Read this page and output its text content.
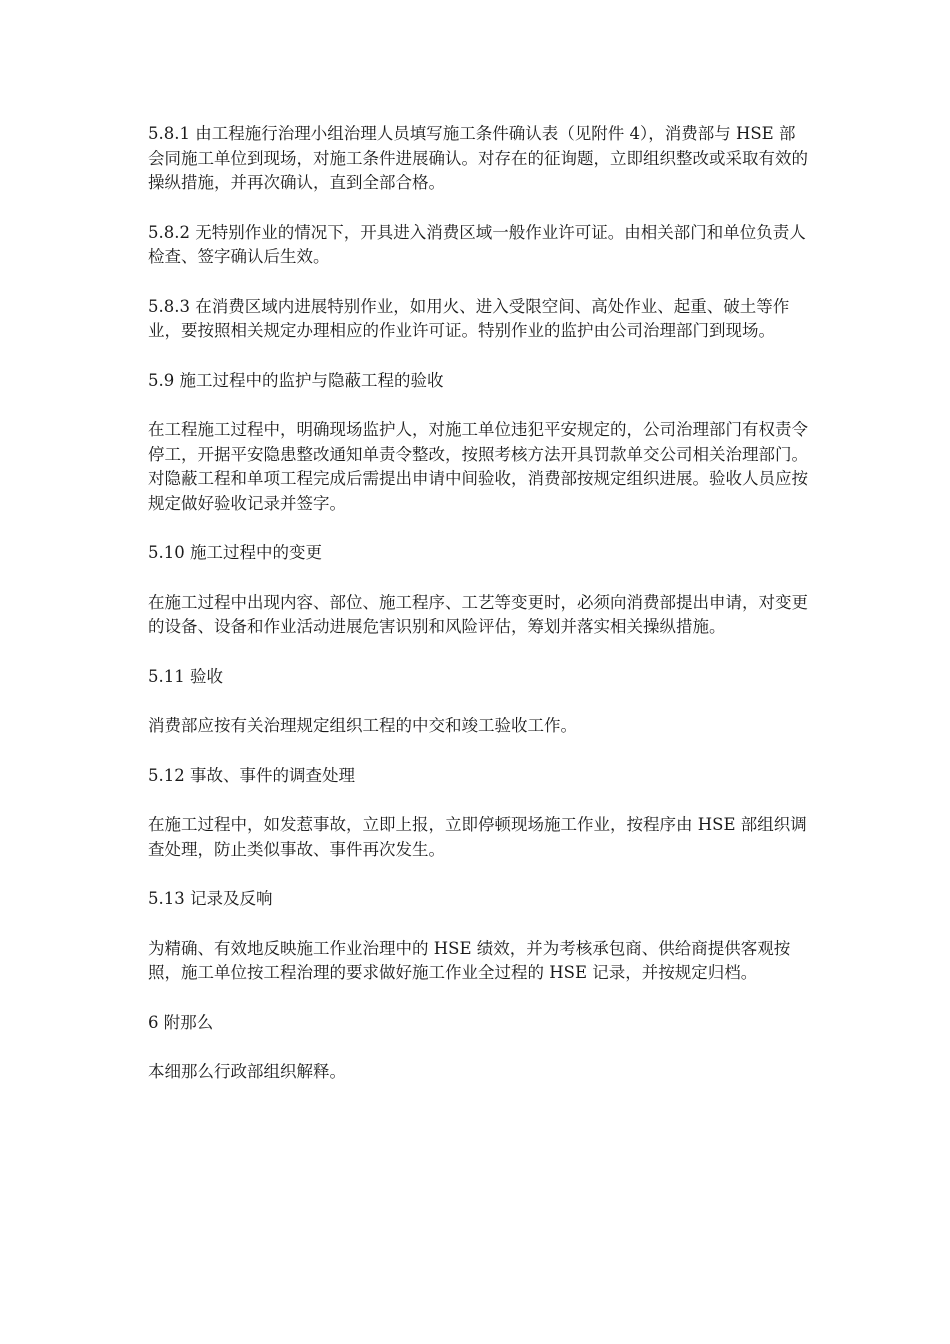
5.8.1 由工程施行治理小组治理人员填写施工条件确认表（见附件 4），消费部与 HSE 部会同施工单位到现场，对施工条件进展确认。对存在的征询题，立即组织整改或采取有效的操纵措施，并再次确认，直到全部合格。

5.8.2 无特别作业的情况下，开具进入消费区域一般作业许可证。由相关部门和单位负责人检查、签字确认后生效。

5.8.3 在消费区域内进展特别作业，如用火、进入受限空间、高处作业、起重、破土等作业，要按照相关规定办理相应的作业许可证。特别作业的监护由公司治理部门到现场。

5.9 施工过程中的监护与隐蔽工程的验收

在工程施工过程中，明确现场监护人，对施工单位违犯平安规定的，公司治理部门有权责令停工，开据平安隐患整改通知单责令整改，按照考核方法开具罚款单交公司相关治理部门。对隐蔽工程和单项工程完成后需提出申请中间验收，消费部按规定组织进展。验收人员应按规定做好验收记录并签字。

5.10 施工过程中的变更

在施工过程中出现内容、部位、施工程序、工艺等变更时，必须向消费部提出申请，对变更的设备、设备和作业活动进展危害识别和风险评估，筹划并落实相关操纵措施。

5.11 验收

消费部应按有关治理规定组织工程的中交和竣工验收工作。

5.12 事故、事件的调查处理

在施工过程中，如发惹事故，立即上报，立即停顿现场施工作业，按程序由 HSE 部组织调查处理，防止类似事故、事件再次发生。

5.13 记录及反响

为精确、有效地反映施工作业治理中的 HSE 绩效，并为考核承包商、供给商提供客观按照，施工单位按工程治理的要求做好施工作业全过程的 HSE 记录，并按规定归档。

6 附那么

本细那么行政部组织解释。
